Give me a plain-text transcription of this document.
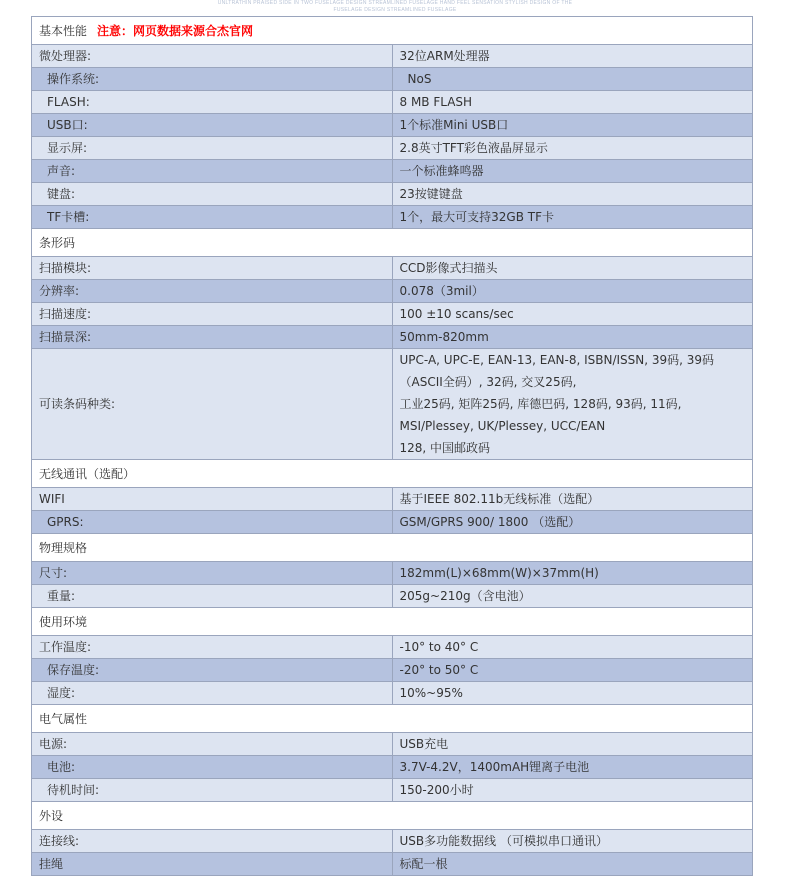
UNLTRATHIN PRAISED SIDE IN TWO FUSELAGE DESIGN STREAMLINED FUSELAGE HAND FEEL SENSATION STYLISH DESIGN OF THE
FUSELAGE DESIGN STREAMLINED FUSELAGE
基本性能 注意：网页数据来源合杰官网	
微处理器:	32位ARM处理器
操作系统:	NoS
FLASH:	8 MB FLASH
USB口:	1个标准Mini USB口
显示屏:	2.8英寸TFT彩色液晶屏显示
声音:	一个标准蜂鸣器
键盘:	23按键键盘
TF卡槽:	1个，最大可支持32GB TF卡
条形码	
扫描模块:	CCD影像式扫描头
分辨率:	0.078（3mil）
扫描速度:	100 ±10 scans/sec
扫描景深:	50mm-820mm
可读条码种类:	UPC-A, UPC-E, EAN-13, EAN-8, ISBN/ISSN, 39码, 39码（ASCII全码）, 32码, 交叉25码,
工业25码, 矩阵25码, 库德巴码, 128码, 93码, 11码, MSI/Plessey, UK/Plessey, UCC/EAN
128, 中国邮政码

无线通讯（选配）	
WIFI	基于IEEE 802.11b无线标准（选配）
GPRS:	GSM/GPRS 900/ 1800 （选配）
物理规格	
尺寸:	182mm(L)×68mm(W)×37mm(H)
重量:	205g~210g（含电池）
使用环境	
工作温度:	-10° to 40° C
保存温度:	-20° to 50° C
湿度:	10%~95%
电气属性	
电源:	USB充电
电池:	3.7V-4.2V，1400mAH锂离子电池
待机时间:	150-200小时
外设	
连接线:	USB多功能数据线 （可模拟串口通讯）
挂绳	标配一根
